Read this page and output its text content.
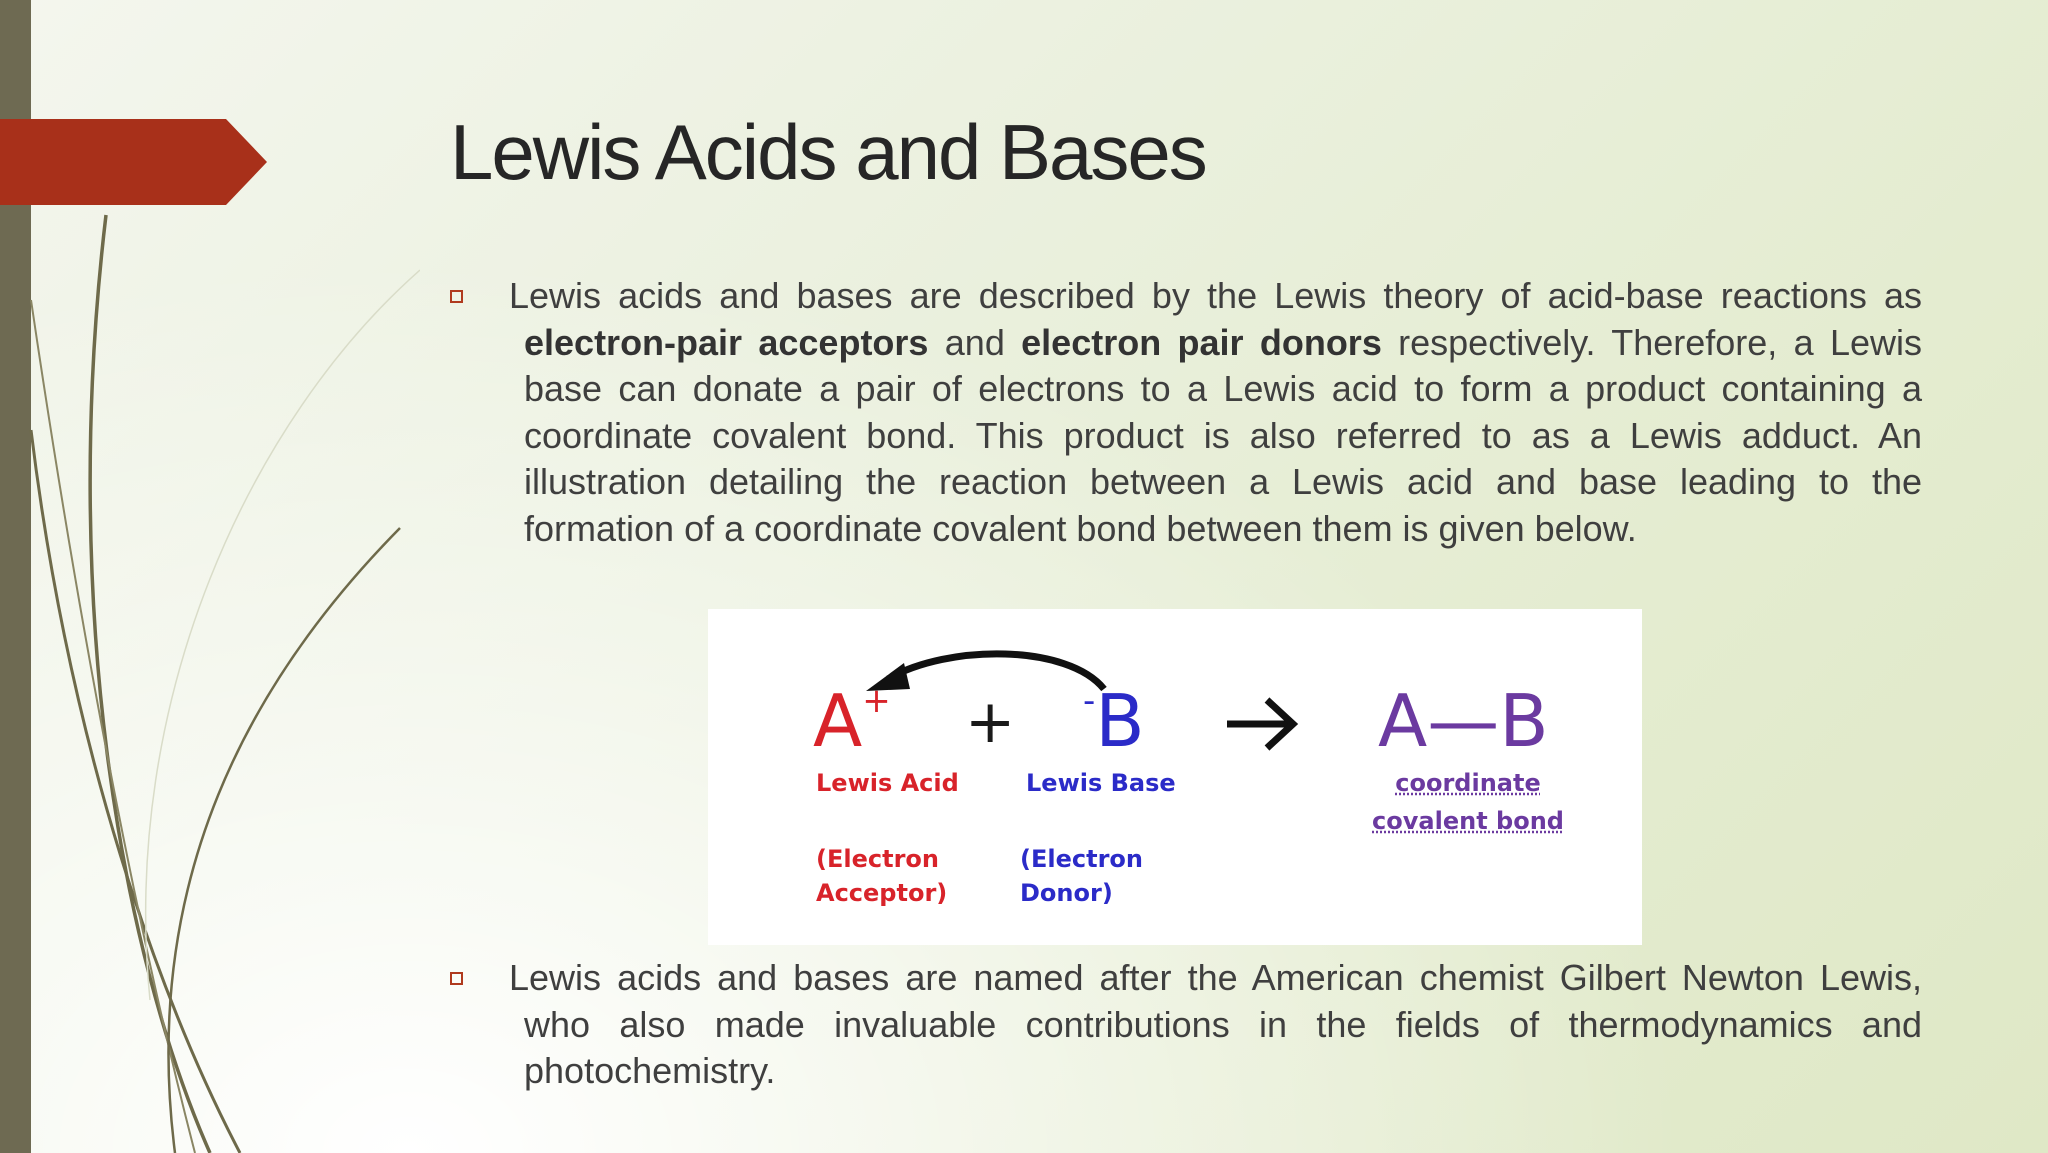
Lewis Acids and Bases
Lewis acids and bases are described by the Lewis theory of acid-base reactions as electron-pair acceptors and electron pair donors respectively. Therefore, a Lewis base can donate a pair of electrons to a Lewis acid to form a product containing a coordinate covalent bond. This product is also referred to as a Lewis adduct. An illustration detailing the reaction between a Lewis acid and base leading to the formation of a coordinate covalent bond between them is given below.
A+ + -B	A—B
Lewis Acid	Lewis Base	coordinate
covalent bond
(Electron
Acceptor)
(Electron
Donor)
Lewis acids and bases are named after the American chemist Gilbert Newton Lewis, who also made invaluable contributions in the fields of thermodynamics and photochemistry.
